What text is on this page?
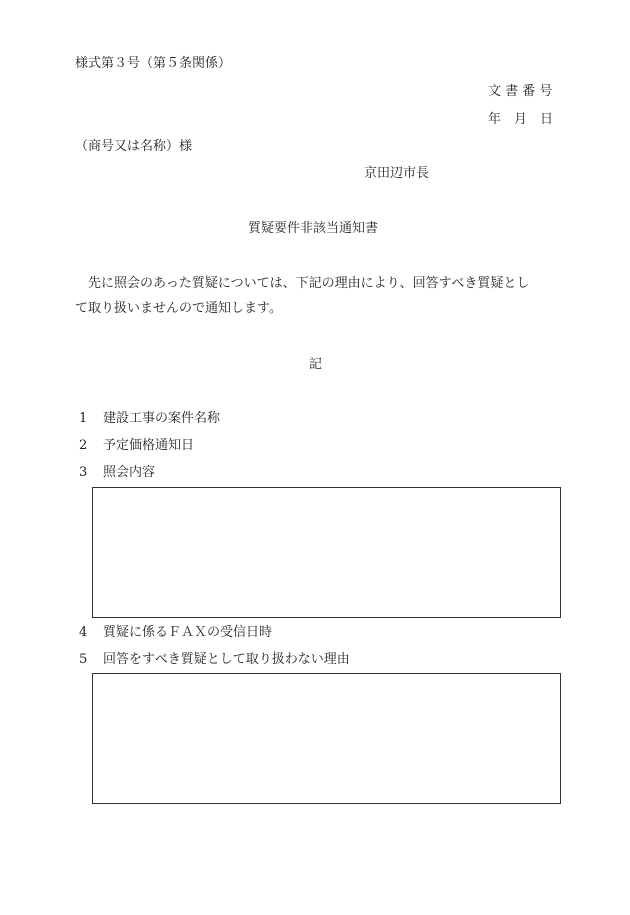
様式第３号（第５条関係）
文 書 番 号
年　月　日
（商号又は名称）様
京田辺市長
質疑要件非該当通知書
　先に照会のあった質疑については、下記の理由により、回答すべき質疑とし
て取り扱いませんので通知します。
記
1 建設工事の案件名称
2 予定価格通知日
3 照会内容
4 質疑に係るＦＡＸの受信日時
5 回答をすべき質疑として取り扱わない理由
